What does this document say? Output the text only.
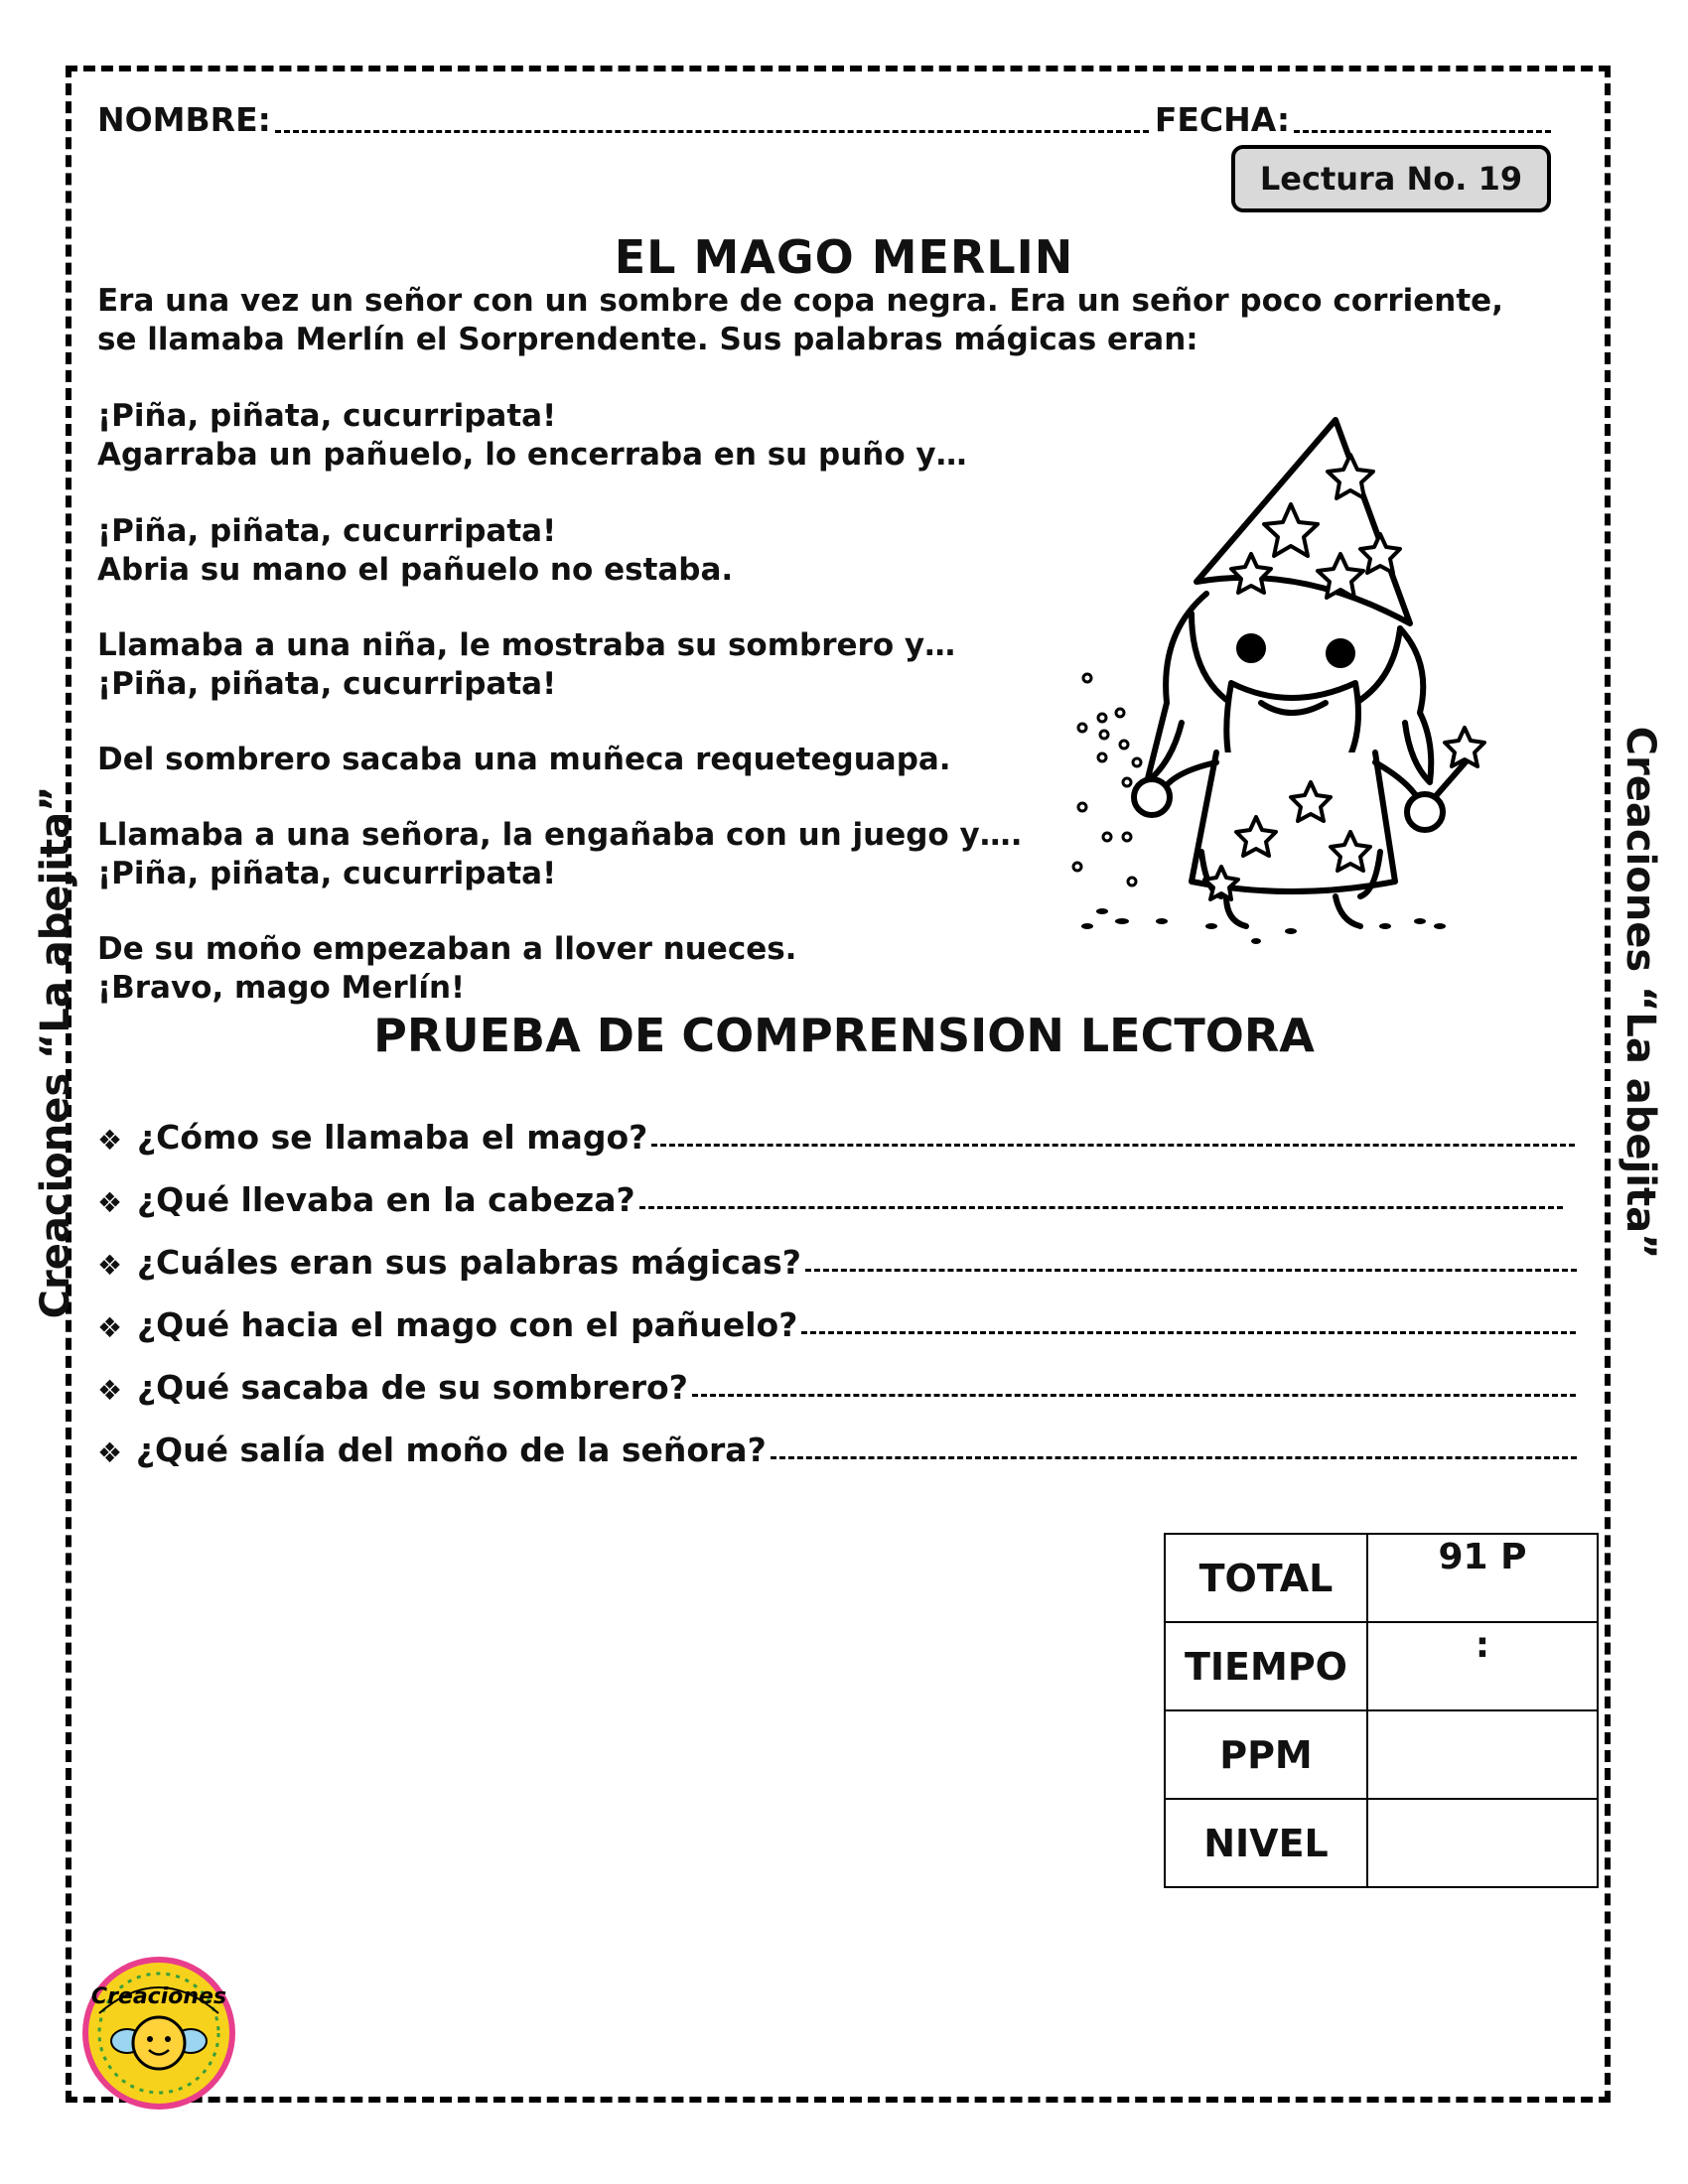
Creaciones “La abejita”	Creaciones “La abejita”
NOMBRE:	FECHA:
Lectura No. 19
EL MAGO MERLIN
Era una vez un señor con un sombre de copa negra. Era un señor poco corriente, se llamaba Merlín el Sorprendente. Sus palabras mágicas eran:
¡Piña, piñata, cucurripata!
Agarraba un pañuelo, lo encerraba en su puño y…
¡Piña, piñata, cucurripata!
Abria su mano el pañuelo no estaba.
Llamaba a una niña, le mostraba su sombrero y…
¡Piña, piñata, cucurripata!
Del sombrero sacaba una muñeca requeteguapa.
Llamaba a una señora, la engañaba con un juego y….
¡Piña, piñata, cucurripata!
De su moño empezaban a llover nueces.
¡Bravo, mago Merlín!
PRUEBA DE COMPRENSION LECTORA
❖ ¿Cómo se llamaba el mago?
❖ ¿Qué llevaba en la cabeza?
❖ ¿Cuáles eran sus palabras mágicas?
❖ ¿Qué hacia el mago con el pañuelo?
❖ ¿Qué sacaba de su sombrero?
❖ ¿Qué salía del moño de la señora?
TOTAL	91 P
TIEMPO	:
PPM	
NIVEL	
Creaciones
